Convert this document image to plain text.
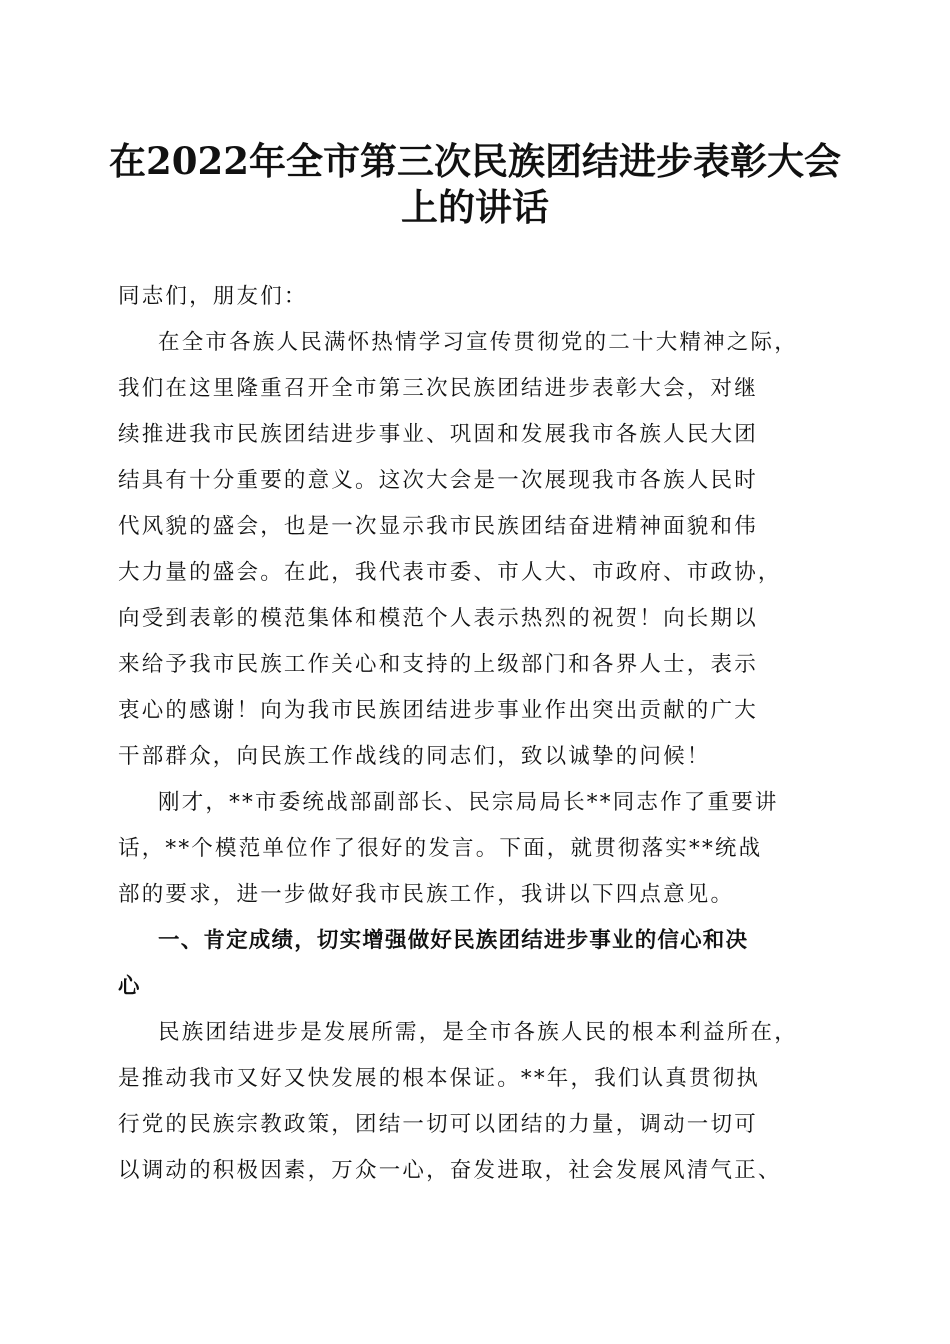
在2022年全市第三次民族团结进步表彰大会
上的讲话
同志们，朋友们：
在全市各族人民满怀热情学习宣传贯彻党的二十大精神之际，
我们在这里隆重召开全市第三次民族团结进步表彰大会，对继
续推进我市民族团结进步事业、巩固和发展我市各族人民大团
结具有十分重要的意义。这次大会是一次展现我市各族人民时
代风貌的盛会，也是一次显示我市民族团结奋进精神面貌和伟
大力量的盛会。在此，我代表市委、市人大、市政府、市政协，
向受到表彰的模范集体和模范个人表示热烈的祝贺！向长期以
来给予我市民族工作关心和支持的上级部门和各界人士，表示
衷心的感谢！向为我市民族团结进步事业作出突出贡献的广大
干部群众，向民族工作战线的同志们，致以诚挚的问候！
刚才，**市委统战部副部长、民宗局局长**同志作了重要讲
话，**个模范单位作了很好的发言。下面，就贯彻落实**统战
部的要求，进一步做好我市民族工作，我讲以下四点意见。
一、肯定成绩，切实增强做好民族团结进步事业的信心和决
心
民族团结进步是发展所需，是全市各族人民的根本利益所在，
是推动我市又好又快发展的根本保证。**年，我们认真贯彻执
行党的民族宗教政策，团结一切可以团结的力量，调动一切可
以调动的积极因素，万众一心，奋发进取，社会发展风清气正、
